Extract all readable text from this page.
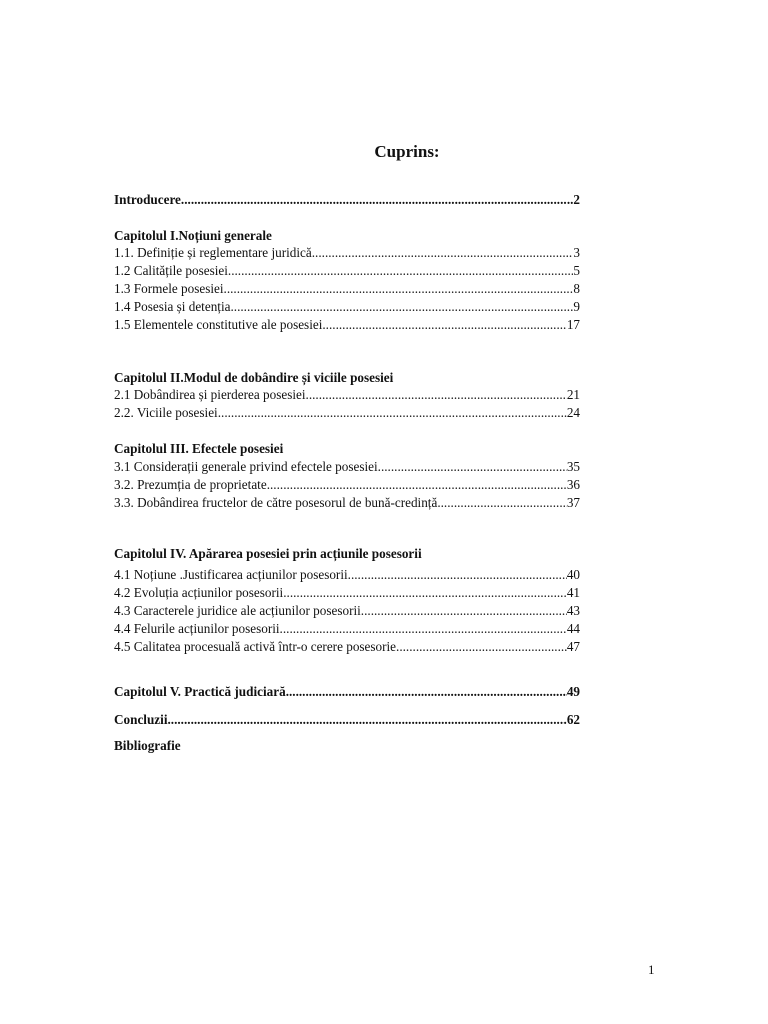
Cuprins:
Introducere .....	..2
Capitolul I.Noțiuni generale
1.1. Definiție și reglementare juridică .....	3
1.2 Calitățile posesiei .....	5
1.3 Formele posesiei .....	8
1.4 Posesia și detenția .....	9
1.5 Elementele constitutive ale posesiei .....	17
Capitolul II.Modul de dobândire și viciile posesiei
2.1 Dobândirea și pierderea posesiei .....	21
2.2. Viciile posesiei .....	24
Capitolul III. Efectele posesiei
3.1 Considerații generale privind efectele posesiei .....	35
3.2. Prezumția de proprietate .....	36
3.3. Dobândirea fructelor de către posesorul de bună-credință .....	37
Capitolul IV. Apărarea posesiei prin acțiunile posesorii
4.1 Noțiune .Justificarea acțiunilor posesorii .....	40
4.2 Evoluția acțiunilor posesorii .....	41
4.3 Caracterele juridice ale acțiunilor posesorii .....	43
4.4 Felurile acțiunilor posesorii .....	44
4.5 Calitatea procesuală activă într-o cerere posesorie .....	47
Capitolul V. Practică judiciară .....	49
Concluzii .....	.62
Bibliografie
1
